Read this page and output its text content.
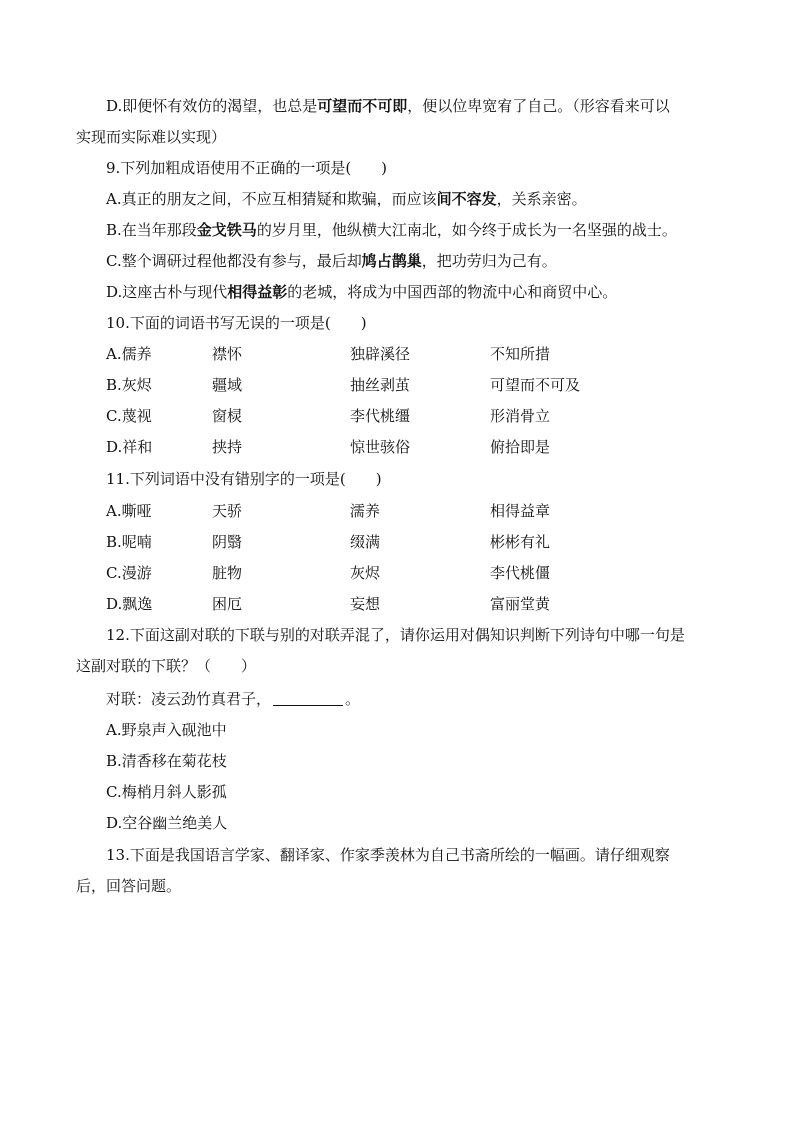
D.即便怀有效仿的渴望，也总是可望而不可即，便以位卑宽宥了自己。（形容看来可以
实现而实际难以实现）
9.下列加粗成语使用不正确的一项是(　　)
A.真正的朋友之间，不应互相猜疑和欺骗，而应该间不容发，关系亲密。
B.在当年那段金戈铁马的岁月里，他纵横大江南北，如今终于成长为一名坚强的战士。
C.整个调研过程他都没有参与，最后却鸠占鹊巢，把功劳归为己有。
D.这座古朴与现代相得益彰的老城，将成为中国西部的物流中心和商贸中心。
10.下面的词语书写无误的一项是(　　)
A.儒养	襟怀	独辟溪径	不知所措
B.灰烬	疆域	抽丝剥茧	可望而不可及
C.蔑视	窗棂	李代桃缰	形消骨立
D.祥和	挟持	惊世骇俗	俯拾即是
11.下列词语中没有错别字的一项是(　　)
A.嘶哑	天骄	濡养	相得益章
B.呢喃	阴翳	缀满	彬彬有礼
C.漫游	脏物	灰烬	李代桃僵
D.飘逸	困厄	妄想	富丽堂黄
12.下面这副对联的下联与别的对联弄混了，请你运用对偶知识判断下列诗句中哪一句是
这副对联的下联？（　　）
对联：凌云劲竹真君子，	。
A.野泉声入砚池中
B.清香移在菊花枝
C.梅梢月斜人影孤
D.空谷幽兰绝美人
13.下面是我国语言学家、翻译家、作家季羡林为自己书斋所绘的一幅画。请仔细观察
后，回答问题。
